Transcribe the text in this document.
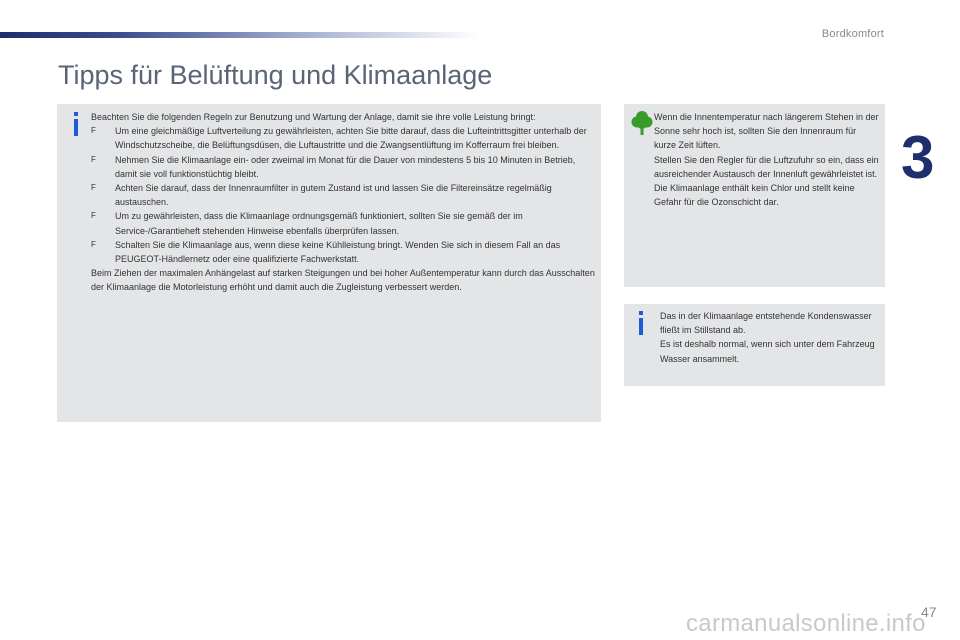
Bordkomfort
3
Tipps für Belüftung und Klimaanlage

Beachten Sie die folgenden Regeln zur Benutzung und Wartung der Anlage, damit sie ihre volle Leistung bringt:

F Um eine gleichmäßige Luftverteilung zu gewährleisten, achten Sie bitte darauf, dass die Lufteintrittsgitter unterhalb der Windschutzscheibe, die Belüftungsdüsen, die Luftaustritte und die Zwangsentlüftung im Kofferraum frei bleiben.
F Nehmen Sie die Klimaanlage ein- oder zweimal im Monat für die Dauer von mindestens 5 bis 10 Minuten in Betrieb, damit sie voll funktionstüchtig bleibt.
F Achten Sie darauf, dass der Innenraumfilter in gutem Zustand ist und lassen Sie die Filtereinsätze regelmäßig austauschen.
F Um zu gewährleisten, dass die Klimaanlage ordnungsgemäß funktioniert, sollten Sie sie gemäß der im Service-/Garantieheft stehenden Hinweise ebenfalls überprüfen lassen.
F Schalten Sie die Klimaanlage aus, wenn diese keine Kühlleistung bringt. Wenden Sie sich in diesem Fall an das PEUGEOT-Händlernetz oder eine qualifizierte Fachwerkstatt.

Beim Ziehen der maximalen Anhängelast auf starken Steigungen und bei hoher Außentemperatur kann durch das Ausschalten der Klimaanlage die Motorleistung erhöht und damit auch die Zugleistung verbessert werden.

Wenn die Innentemperatur nach längerem Stehen in der Sonne sehr hoch ist, sollten Sie den Innenraum für kurze Zeit lüften.

Stellen Sie den Regler für die Luftzufuhr so ein, dass ein ausreichender Austausch der Innenluft gewährleistet ist.

Die Klimaanlage enthält kein Chlor und stellt keine Gefahr für die Ozonschicht dar.

Das in der Klimaanlage entstehende Kondenswasser fließt im Stillstand ab.

Es ist deshalb normal, wenn sich unter dem Fahrzeug Wasser ansammelt.

carmanualsonline.info
47
